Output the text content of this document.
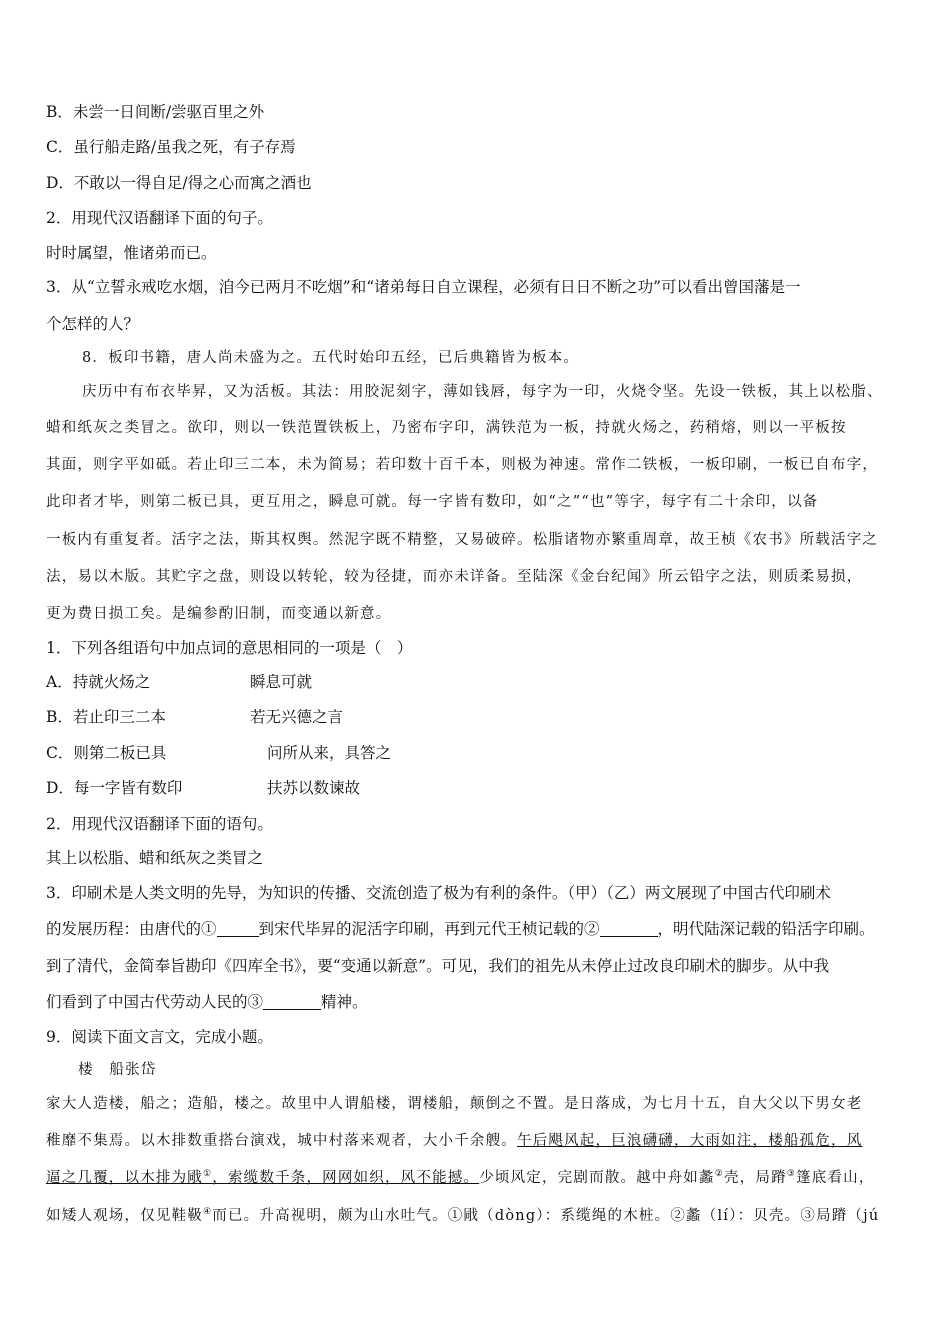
B．未尝一日间断/尝驱百里之外
C．虽行船走路/虽我之死，有子存焉
D．不敢以一得自足/得之心而寓之酒也
2．用现代汉语翻译下面的句子。
时时属望，惟诸弟而已。
3．从“立誓永戒吃水烟，洎今已两月不吃烟”和“诸弟每日自立课程，必须有日日不断之功”可以看出曾国藩是一
个怎样的人？
8．板印书籍，唐人尚未盛为之。五代时始印五经，已后典籍皆为板本。
庆历中有布衣毕昇，又为活板。其法：用胶泥刻字，薄如钱唇，每字为一印，火烧令坚。先设一铁板，其上以松脂、
蜡和纸灰之类冒之。欲印，则以一铁范置铁板上，乃密布字印，满铁范为一板，持就火炀之，药稍熔，则以一平板按
其面，则字平如砥。若止印三二本，未为简易；若印数十百千本，则极为神速。常作二铁板，一板印刷，一板已自布字，
此印者才毕，则第二板已具，更互用之，瞬息可就。每一字皆有数印，如“之”“也”等字，每字有二十余印，以备
一板内有重复者。活字之法，斯其权舆。然泥字既不精整，又易破碎。松脂诸物亦繁重周章，故王桢《农书》所载活字之
法，易以木版。其贮字之盘，则设以转轮，较为径捷，而亦未详备。至陆深《金台纪闻》所云铅字之法，则质柔易损，
更为费日损工矣。是编参酌旧制，而变通以新意。
1．下列各组语句中加点词的意思相同的一项是（　）
A．持就火炀之	瞬息可就
B．若止印三二本	若无兴德之言
C．则第二板已具	问所从来，具答之
D．每一字皆有数印	扶苏以数谏故
2．用现代汉语翻译下面的语句。
其上以松脂、蜡和纸灰之类冒之
3．印刷术是人类文明的先导，为知识的传播、交流创造了极为有利的条件。（甲）（乙）两文展现了中国古代印刷术
的发展历程：由唐代的①	到宋代毕昇的泥活字印刷，再到元代王桢记载的②	，明代陆深记载的铅活字印刷。
到了清代，金简奉旨勘印《四库全书》，要“变通以新意”。可见，我们的祖先从未停止过改良印刷术的脚步。从中我
们看到了中国古代劳动人民的③	精神。
9．阅读下面文言文，完成小题。
楼　船张岱
家大人造楼，船之；造船，楼之。故里中人谓船楼，谓楼船，颠倒之不置。是日落成，为七月十五，自大父以下男女老
稚靡不集焉。以木排数重搭台演戏，城中村落来观者，大小千余艘。午后飓风起，巨浪礴礴，大雨如注，楼船孤危，风
逼之几覆，以木排为戙①，索缆数千条，网网如织，风不能撼。少顷风定，完剧而散。越中舟如蠡②壳，局蹐③篷底看山，
如矮人观场，仅见鞋靸④而已。升高视明，颇为山水吐气。①戙（dòng）：系缆绳的木桩。②蠡（lí）：贝壳。③局蹐（jú
